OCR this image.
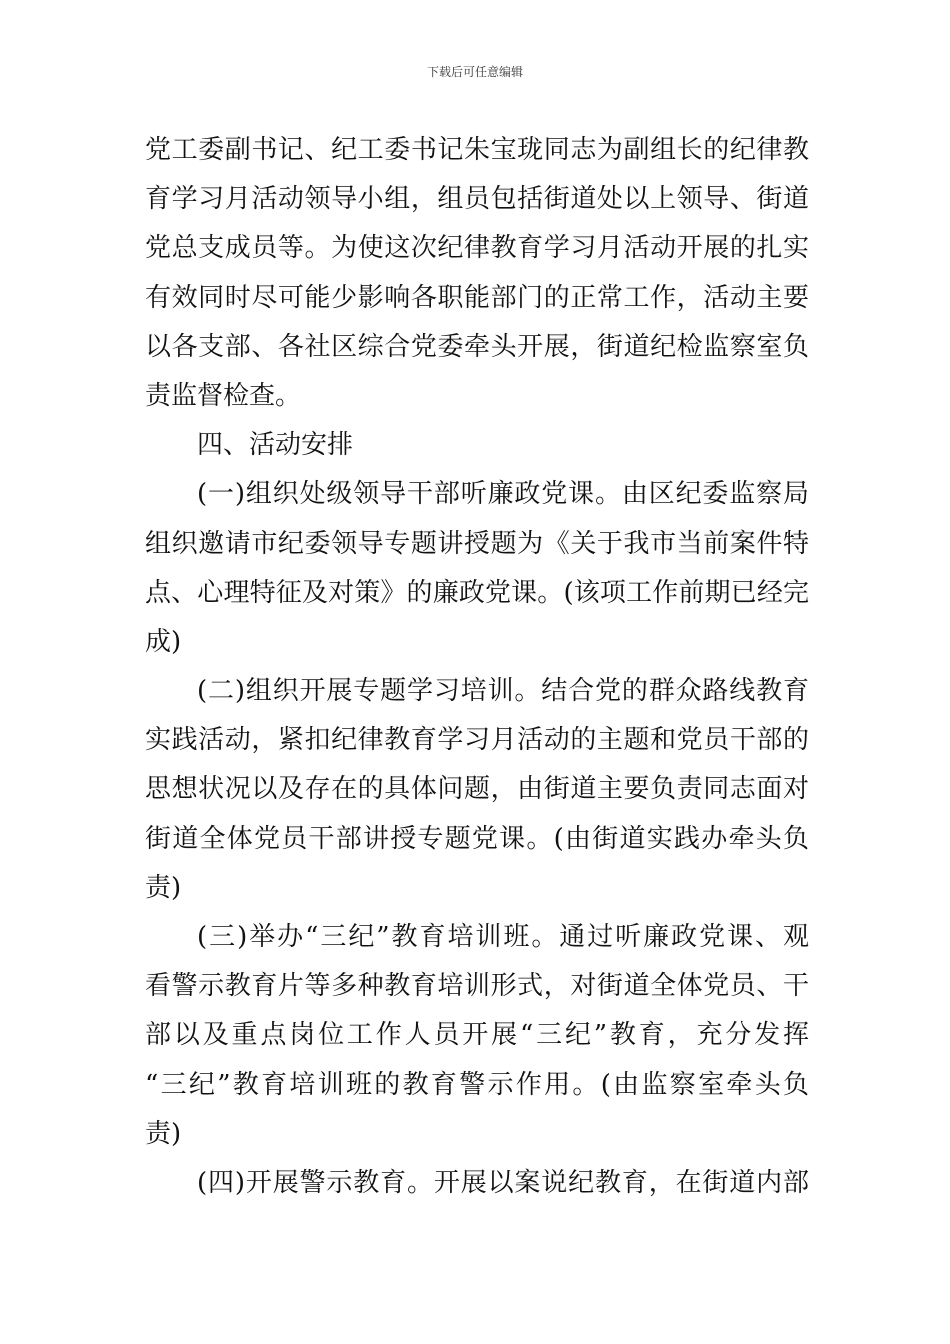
下载后可任意编辑
党工委副书记、纪工委书记朱宝珑同志为副组长的纪律教
育学习月活动领导小组，组员包括街道处以上领导、街道
党总支成员等。为使这次纪律教育学习月活动开展的扎实
有效同时尽可能少影响各职能部门的正常工作，活动主要
以各支部、各社区综合党委牵头开展，街道纪检监察室负
责监督检查。
四、活动安排
(一)组织处级领导干部听廉政党课。由区纪委监察局
组织邀请市纪委领导专题讲授题为《关于我市当前案件特
点、心理特征及对策》的廉政党课。(该项工作前期已经完
成)
(二)组织开展专题学习培训。结合党的群众路线教育
实践活动，紧扣纪律教育学习月活动的主题和党员干部的
思想状况以及存在的具体问题，由街道主要负责同志面对
街道全体党员干部讲授专题党课。(由街道实践办牵头负
责)
(三)举办“三纪”教育培训班。通过听廉政党课、观
看警示教育片等多种教育培训形式，对街道全体党员、干
部以及重点岗位工作人员开展“三纪”教育，充分发挥
“三纪”教育培训班的教育警示作用。(由监察室牵头负
责)
(四)开展警示教育。开展以案说纪教育，在街道内部
